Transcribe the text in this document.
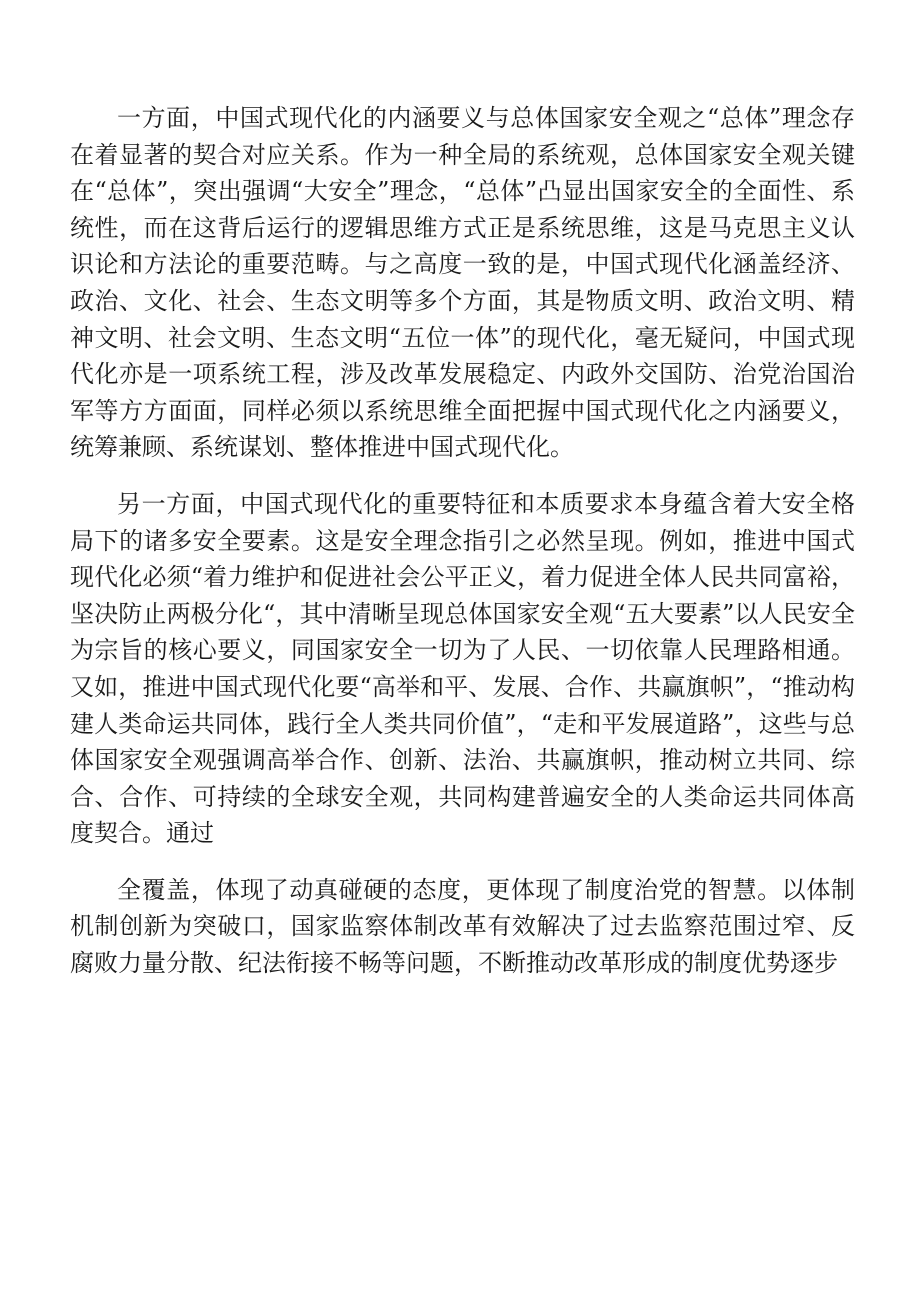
一方面，中国式现代化的内涵要义与总体国家安全观之“总体”理念存在着显著的契合对应关系。作为一种全局的系统观，总体国家安全观关键在“总体”，突出强调“大安全”理念，“总体”凸显出国家安全的全面性、系统性，而在这背后运行的逻辑思维方式正是系统思维，这是马克思主义认识论和方法论的重要范畴。与之高度一致的是，中国式现代化涵盖经济、政治、文化、社会、生态文明等多个方面，其是物质文明、政治文明、精神文明、社会文明、生态文明“五位一体”的现代化，毫无疑问，中国式现代化亦是一项系统工程，涉及改革发展稳定、内政外交国防、治党治国治军等方方面面，同样必须以系统思维全面把握中国式现代化之内涵要义，统筹兼顾、系统谋划、整体推进中国式现代化。

另一方面，中国式现代化的重要特征和本质要求本身蕴含着大安全格局下的诸多安全要素。这是安全理念指引之必然呈现。例如，推进中国式现代化必须“着力维护和促进社会公平正义，着力促进全体人民共同富裕，坚决防止两极分化“，其中清晰呈现总体国家安全观“五大要素”以人民安全为宗旨的核心要义，同国家安全一切为了人民、一切依靠人民理路相通。又如，推进中国式现代化要“高举和平、发展、合作、共赢旗帜”，“推动构建人类命运共同体，践行全人类共同价值”，“走和平发展道路”，这些与总体国家安全观强调高举合作、创新、法治、共赢旗帜，推动树立共同、综合、合作、可持续的全球安全观，共同构建普遍安全的人类命运共同体高度契合。通过

全覆盖，体现了动真碰硬的态度，更体现了制度治党的智慧。以体制机制创新为突破口，国家监察体制改革有效解决了过去监察范围过窄、反腐败力量分散、纪法衔接不畅等问题，不断推动改革形成的制度优势逐步
